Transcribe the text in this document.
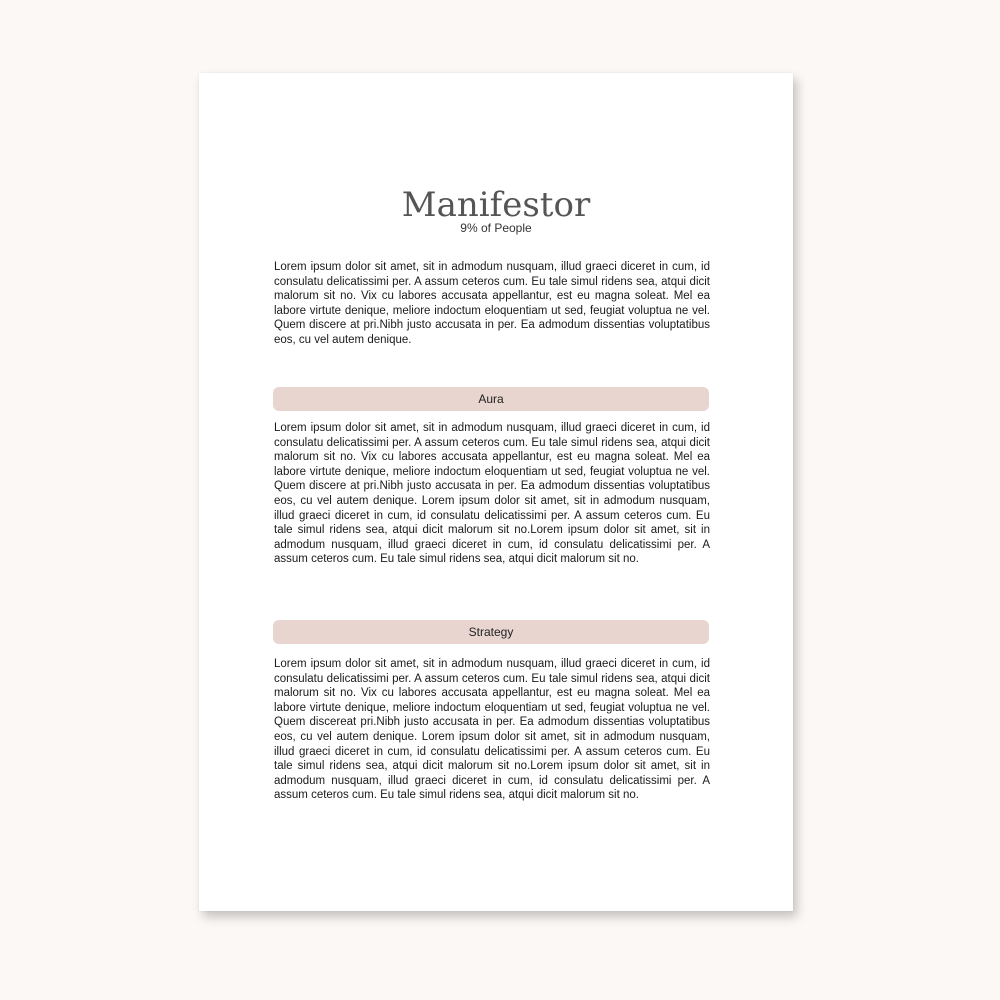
Manifestor
9% of People

Lorem ipsum dolor sit amet, sit in admodum nusquam, illud graeci diceret in cum, id consulatu delicatissimi per. A assum ceteros cum. Eu tale simul ridens sea, atqui dicit malorum sit no. Vix cu labores accusata appellantur, est eu magna soleat. Mel ea labore virtute denique, meliore indoctum eloquentiam ut sed, feugiat voluptua ne vel. Quem discere at pri.Nibh justo accusata in per. Ea admodum dissentias voluptatibus eos, cu vel autem denique.

Aura

Lorem ipsum dolor sit amet, sit in admodum nusquam, illud graeci diceret in cum, id consulatu delicatissimi per. A assum ceteros cum. Eu tale simul ridens sea, atqui dicit malorum sit no. Vix cu labores accusata appellantur, est eu magna soleat. Mel ea labore virtute denique, meliore indoctum eloquentiam ut sed, feugiat voluptua ne vel. Quem discere at pri.Nibh justo accusata in per. Ea admodum dissentias voluptatibus eos, cu vel autem denique. Lorem ipsum dolor sit amet, sit in admodum nusquam, illud graeci diceret in cum, id consulatu delicatissimi per. A assum ceteros cum. Eu tale simul ridens sea, atqui dicit malorum sit no.Lorem ipsum dolor sit amet, sit in admodum nusquam, illud graeci diceret in cum, id consulatu delicatissimi per. A assum ceteros cum. Eu tale simul ridens sea, atqui dicit malorum sit no.

Strategy

Lorem ipsum dolor sit amet, sit in admodum nusquam, illud graeci diceret in cum, id consulatu delicatissimi per. A assum ceteros cum. Eu tale simul ridens sea, atqui dicit malorum sit no. Vix cu labores accusata appellantur, est eu magna soleat. Mel ea labore virtute denique, meliore indoctum eloquentiam ut sed, feugiat voluptua ne vel. Quem discereat pri.Nibh justo accusata in per. Ea admodum dissentias voluptatibus eos, cu vel autem denique. Lorem ipsum dolor sit amet, sit in admodum nusquam, illud graeci diceret in cum, id consulatu delicatissimi per. A assum ceteros cum. Eu tale simul ridens sea, atqui dicit malorum sit no.Lorem ipsum dolor sit amet, sit in admodum nusquam, illud graeci diceret in cum, id consulatu delicatissimi per. A assum ceteros cum. Eu tale simul ridens sea, atqui dicit malorum sit no.
